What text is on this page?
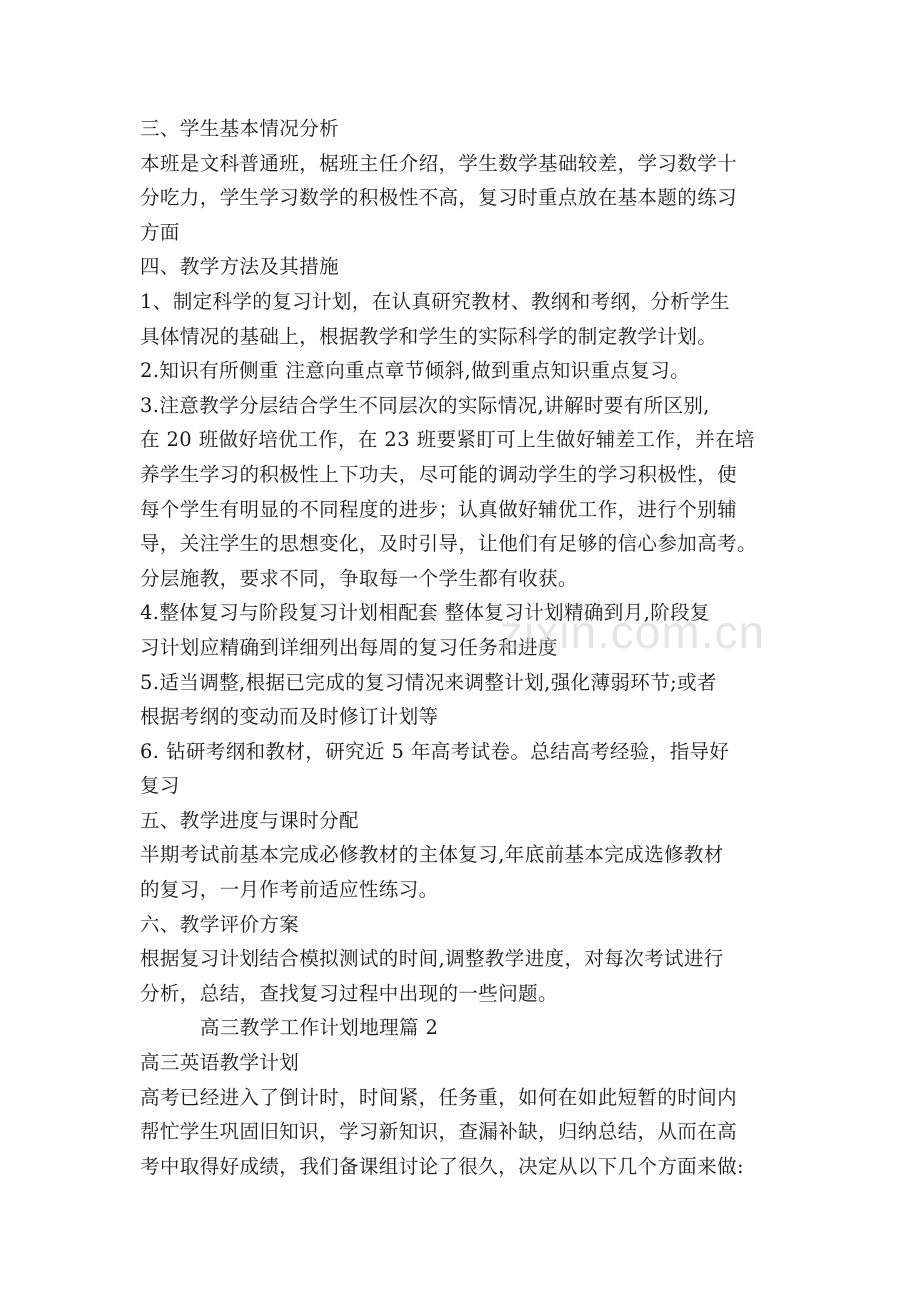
三、学生基本情况分析
本班是文科普通班，椐班主任介绍，学生数学基础较差，学习数学十
分吃力，学生学习数学的积极性不高，复习时重点放在基本题的练习
方面
四、教学方法及其措施
1、制定科学的复习计划，在认真研究教材、教纲和考纲，分析学生
具体情况的基础上，根据教学和学生的实际科学的制定教学计划。
2.知识有所侧重 注意向重点章节倾斜,做到重点知识重点复习。
3.注意教学分层结合学生不同层次的实际情况,讲解时要有所区别,
在 20 班做好培优工作，在 23 班要紧盯可上生做好辅差工作，并在培
养学生学习的积极性上下功夫，尽可能的调动学生的学习积极性，使
每个学生有明显的不同程度的进步；认真做好辅优工作，进行个别辅
导，关注学生的思想变化，及时引导，让他们有足够的信心参加高考。
分层施教，要求不同，争取每一个学生都有收获。
4.整体复习与阶段复习计划相配套 整体复习计划精确到月,阶段复
习计划应精确到详细列出每周的复习任务和进度
5.适当调整,根据已完成的复习情况来调整计划,强化薄弱环节;或者
根据考纲的变动而及时修订计划等
6. 钻研考纲和教材，研究近 5 年高考试卷。总结高考经验，指导好
复习
五、教学进度与课时分配
半期考试前基本完成必修教材的主体复习,年底前基本完成选修教材
的复习，一月作考前适应性练习。
六、教学评价方案
根据复习计划结合模拟测试的时间,调整教学进度，对每次考试进行
分析，总结，查找复习过程中出现的一些问题。
高三教学工作计划地理篇 2
高三英语教学计划
高考已经进入了倒计时，时间紧，任务重，如何在如此短暂的时间内
帮忙学生巩固旧知识，学习新知识，查漏补缺，归纳总结，从而在高
考中取得好成绩，我们备课组讨论了很久，决定从以下几个方面来做:
zixin.com.cn
